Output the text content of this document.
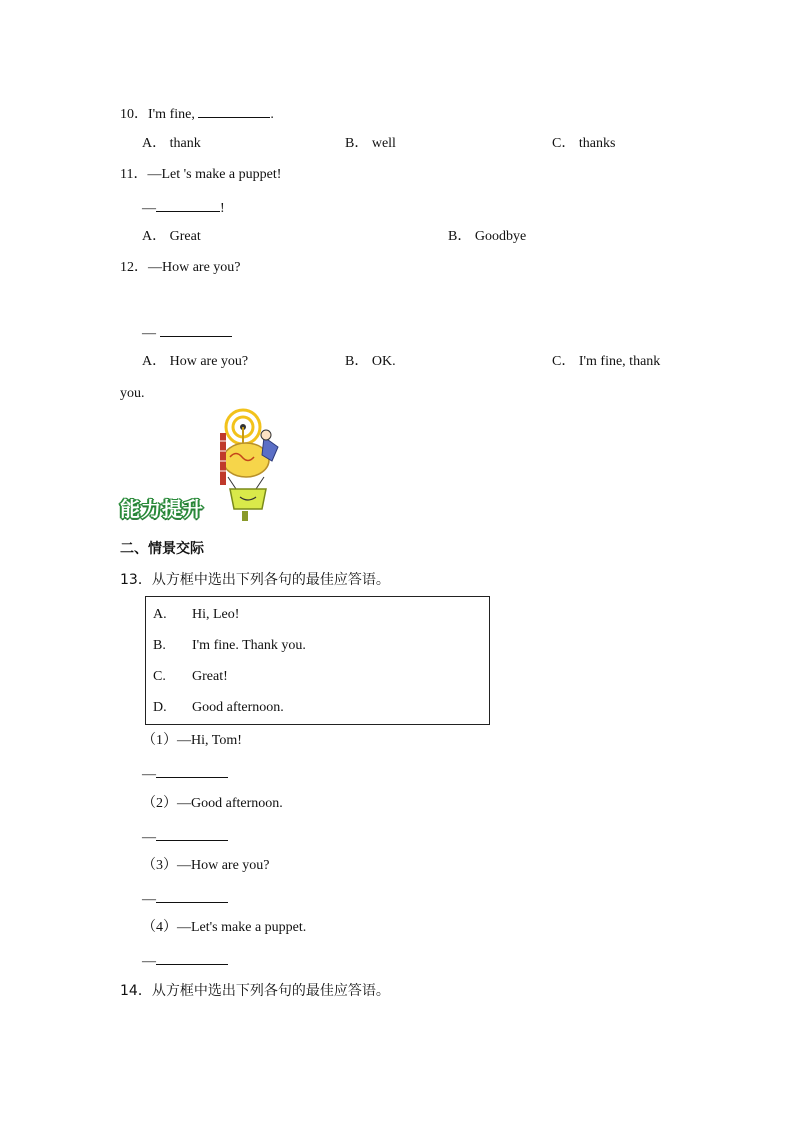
10．I'm fine,	.
A． thank	B． well	C． thanks
11．—Let 's make a puppet!
—	!
A． Great	B． Goodbye
12．—How are you?
—
A． How are you?	B． OK.	C． I'm fine, thank
you.
能力提升
二、情景交际
13．从方框中选出下列各句的最佳应答语。
A. Hi, Leo!
B. I'm fine. Thank you.
C. Great!
D. Good afternoon.
（1）—Hi, Tom!
—
（2）—Good afternoon.
—
（3）—How are you?
—
（4）—Let's make a puppet.
—
14．从方框中选出下列各句的最佳应答语。
